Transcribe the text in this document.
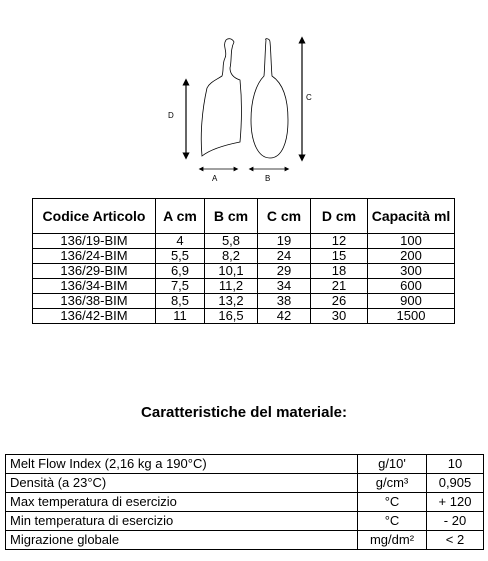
D
C
A	B
Codice Articolo	A cm	B cm	C cm	D cm	Capacità ml
136/19-BIM	4	5,8	19	12	100
136/24-BIM	5,5	8,2	24	15	200
136/29-BIM	6,9	10,1	29	18	300
136/34-BIM	7,5	11,2	34	21	600
136/38-BIM	8,5	13,2	38	26	900
136/42-BIM	11	16,5	42	30	1500
Caratteristiche del materiale:
Melt Flow Index (2,16 kg a 190°C)	g/10'	10
Densità (a 23°C)	g/cm³	0,905
Max temperatura di esercizio	°C	+ 120
Min temperatura di esercizio	°C	- 20
Migrazione globale	mg/dm²	< 2
